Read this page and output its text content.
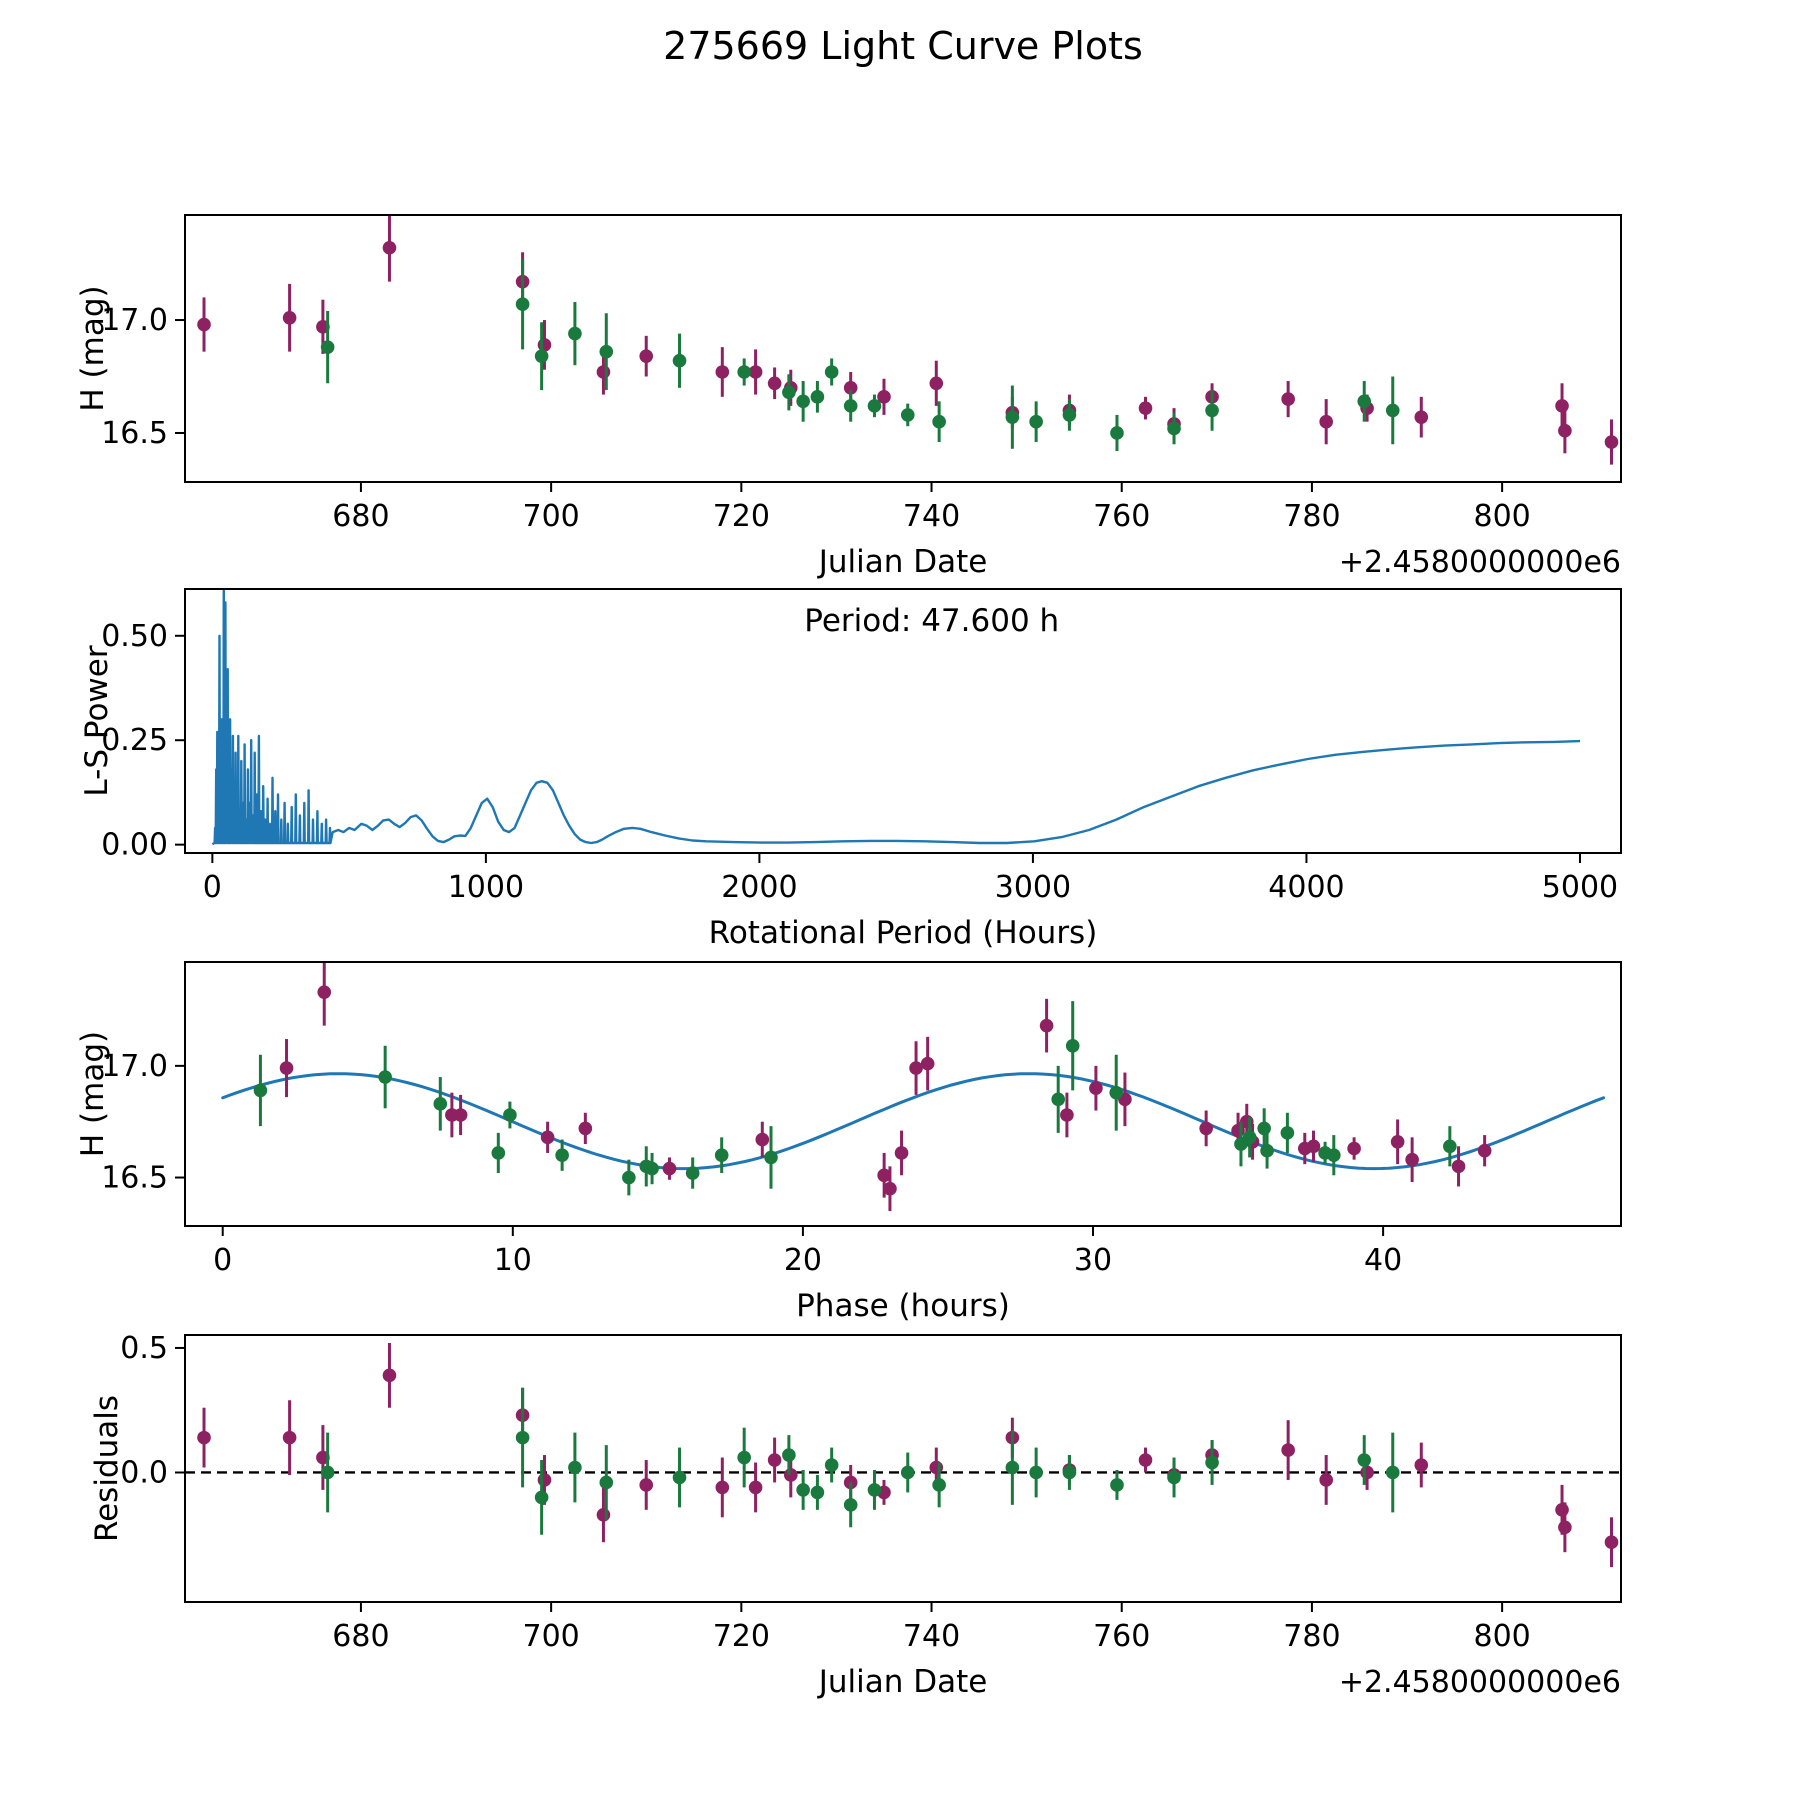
275669 Light Curve Plots
680	700	720	740	760	780	800
17.0
16.5
Julian Date	+2.4580000000e6
H (mag)
0	1000	2000	3000	4000	5000
0.00
0.25
0.50
Rotational Period (Hours)
L-S Power
Period: 47.600 h
0	10	20	30	40
17.0
16.5
Phase (hours)
H (mag)
680	700	720	740	760	780	800
0.5
0.0
Julian Date	+2.4580000000e6
Residuals
